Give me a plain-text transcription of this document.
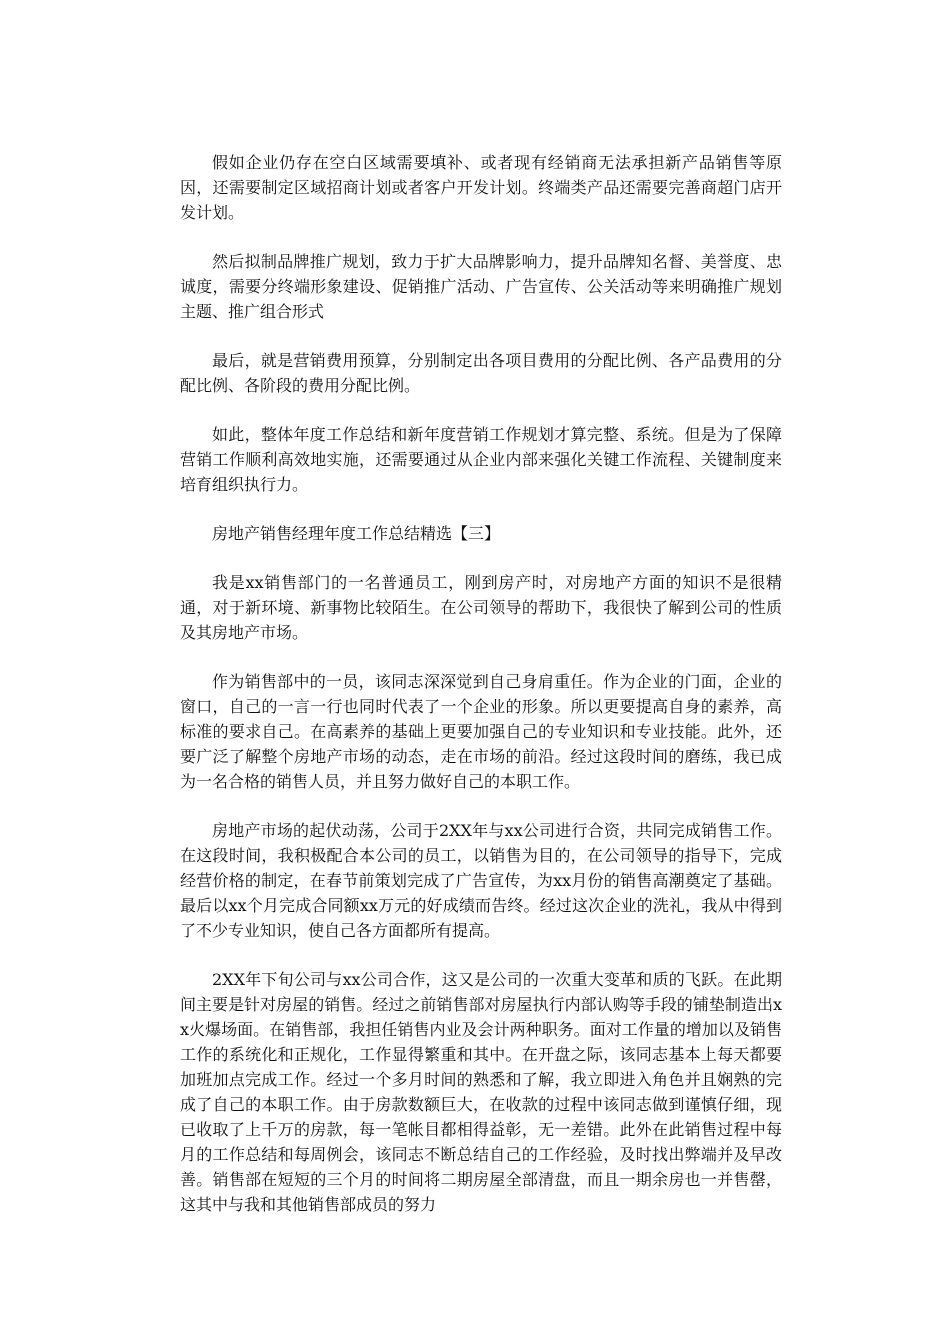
假如企业仍存在空白区域需要填补、或者现有经销商无法承担新产品销售等原因，还需要制定区域招商计划或者客户开发计划。终端类产品还需要完善商超门店开发计划。

然后拟制品牌推广规划，致力于扩大品牌影响力，提升品牌知名督、美誉度、忠诚度，需要分终端形象建设、促销推广活动、广告宣传、公关活动等来明确推广规划主题、推广组合形式

最后，就是营销费用预算，分别制定出各项目费用的分配比例、各产品费用的分配比例、各阶段的费用分配比例。

如此，整体年度工作总结和新年度营销工作规划才算完整、系统。但是为了保障营销工作顺利高效地实施，还需要通过从企业内部来强化关键工作流程、关键制度来培育组织执行力。

房地产销售经理年度工作总结精选【三】

我是xx销售部门的一名普通员工，刚到房产时，对房地产方面的知识不是很精通，对于新环境、新事物比较陌生。在公司领导的帮助下，我很快了解到公司的性质及其房地产市场。

作为销售部中的一员，该同志深深觉到自己身肩重任。作为企业的门面，企业的窗口，自己的一言一行也同时代表了一个企业的形象。所以更要提高自身的素养，高标准的要求自己。在高素养的基础上更要加强自己的专业知识和专业技能。此外，还要广泛了解整个房地产市场的动态，走在市场的前沿。经过这段时间的磨练，我已成为一名合格的销售人员，并且努力做好自己的本职工作。

房地产市场的起伏动荡，公司于2XX年与xx公司进行合资，共同完成销售工作。在这段时间，我积极配合本公司的员工，以销售为目的，在公司领导的指导下，完成经营价格的制定，在春节前策划完成了广告宣传，为xx月份的销售高潮奠定了基础。最后以xx个月完成合同额xx万元的好成绩而告终。经过这次企业的洗礼，我从中得到了不少专业知识，使自己各方面都所有提高。

2XX年下旬公司与xx公司合作，这又是公司的一次重大变革和质的飞跃。在此期间主要是针对房屋的销售。经过之前销售部对房屋执行内部认购等手段的铺垫制造出xx火爆场面。在销售部，我担任销售内业及会计两种职务。面对工作量的增加以及销售工作的系统化和正规化，工作显得繁重和其中。在开盘之际，该同志基本上每天都要加班加点完成工作。经过一个多月时间的熟悉和了解，我立即进入角色并且娴熟的完成了自己的本职工作。由于房款数额巨大，在收款的过程中该同志做到谨慎仔细，现已收取了上千万的房款，每一笔帐目都相得益彰，无一差错。此外在此销售过程中每月的工作总结和每周例会，该同志不断总结自己的工作经验，及时找出弊端并及早改善。销售部在短短的三个月的时间将二期房屋全部清盘，而且一期余房也一并售罄，这其中与我和其他销售部成员的努力
